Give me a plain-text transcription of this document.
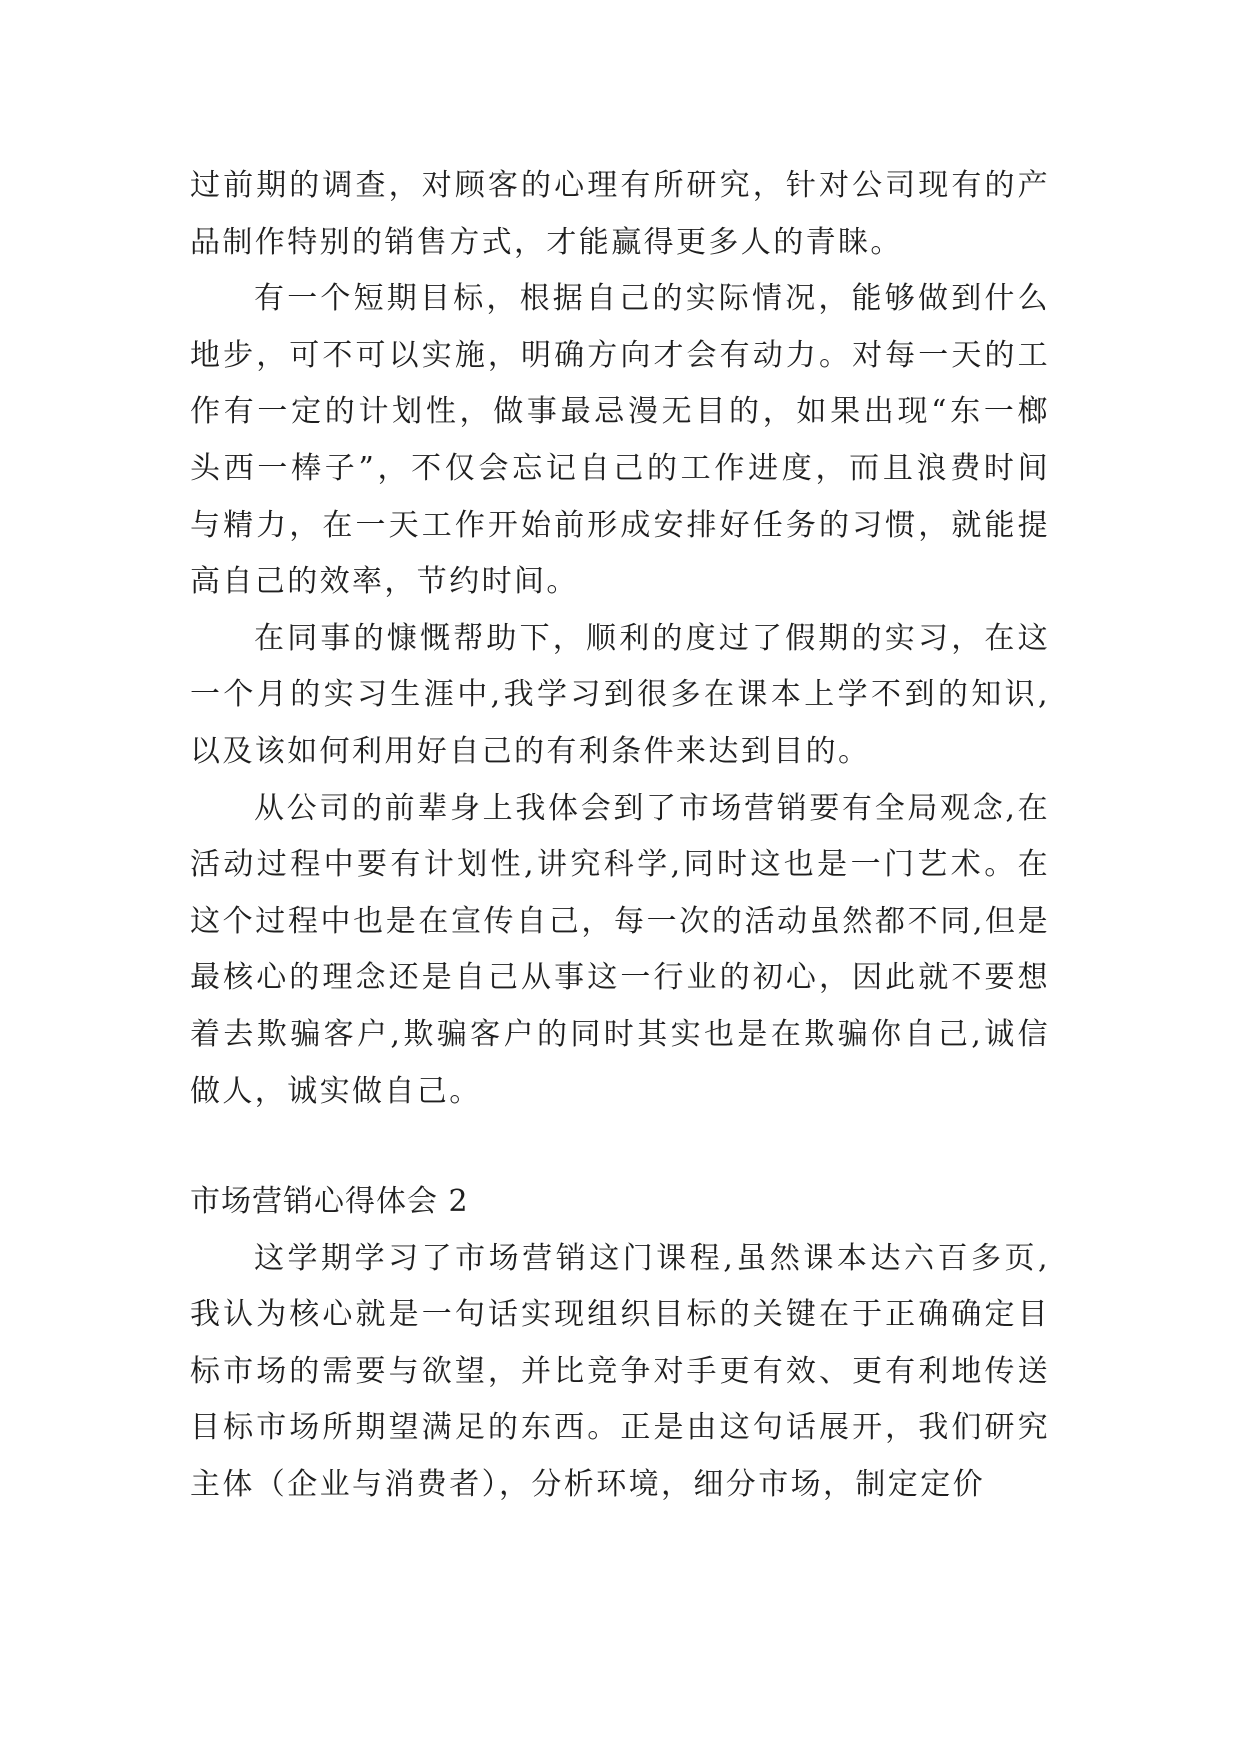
过前期的调查，对顾客的心理有所研究，针对公司现有的产品制作特别的销售方式，才能赢得更多人的青睐。

有一个短期目标，根据自己的实际情况，能够做到什么地步，可不可以实施，明确方向才会有动力。对每一天的工作有一定的计划性，做事最忌漫无目的，如果出现“东一榔头西一棒子”，不仅会忘记自己的工作进度，而且浪费时间与精力，在一天工作开始前形成安排好任务的习惯，就能提高自己的效率，节约时间。

在同事的慷慨帮助下，顺利的度过了假期的实习，在这一个月的实习生涯中,我学习到很多在课本上学不到的知识,以及该如何利用好自己的有利条件来达到目的。

从公司的前辈身上我体会到了市场营销要有全局观念,在活动过程中要有计划性,讲究科学,同时这也是一门艺术。在这个过程中也是在宣传自己，每一次的活动虽然都不同,但是最核心的理念还是自己从事这一行业的初心，因此就不要想着去欺骗客户,欺骗客户的同时其实也是在欺骗你自己,诚信做人，诚实做自己。

市场营销心得体会 2

这学期学习了市场营销这门课程,虽然课本达六百多页,我认为核心就是一句话实现组织目标的关键在于正确确定目标市场的需要与欲望，并比竞争对手更有效、更有利地传送目标市场所期望满足的东西。正是由这句话展开，我们研究主体（企业与消费者），分析环境，细分市场，制定定价
